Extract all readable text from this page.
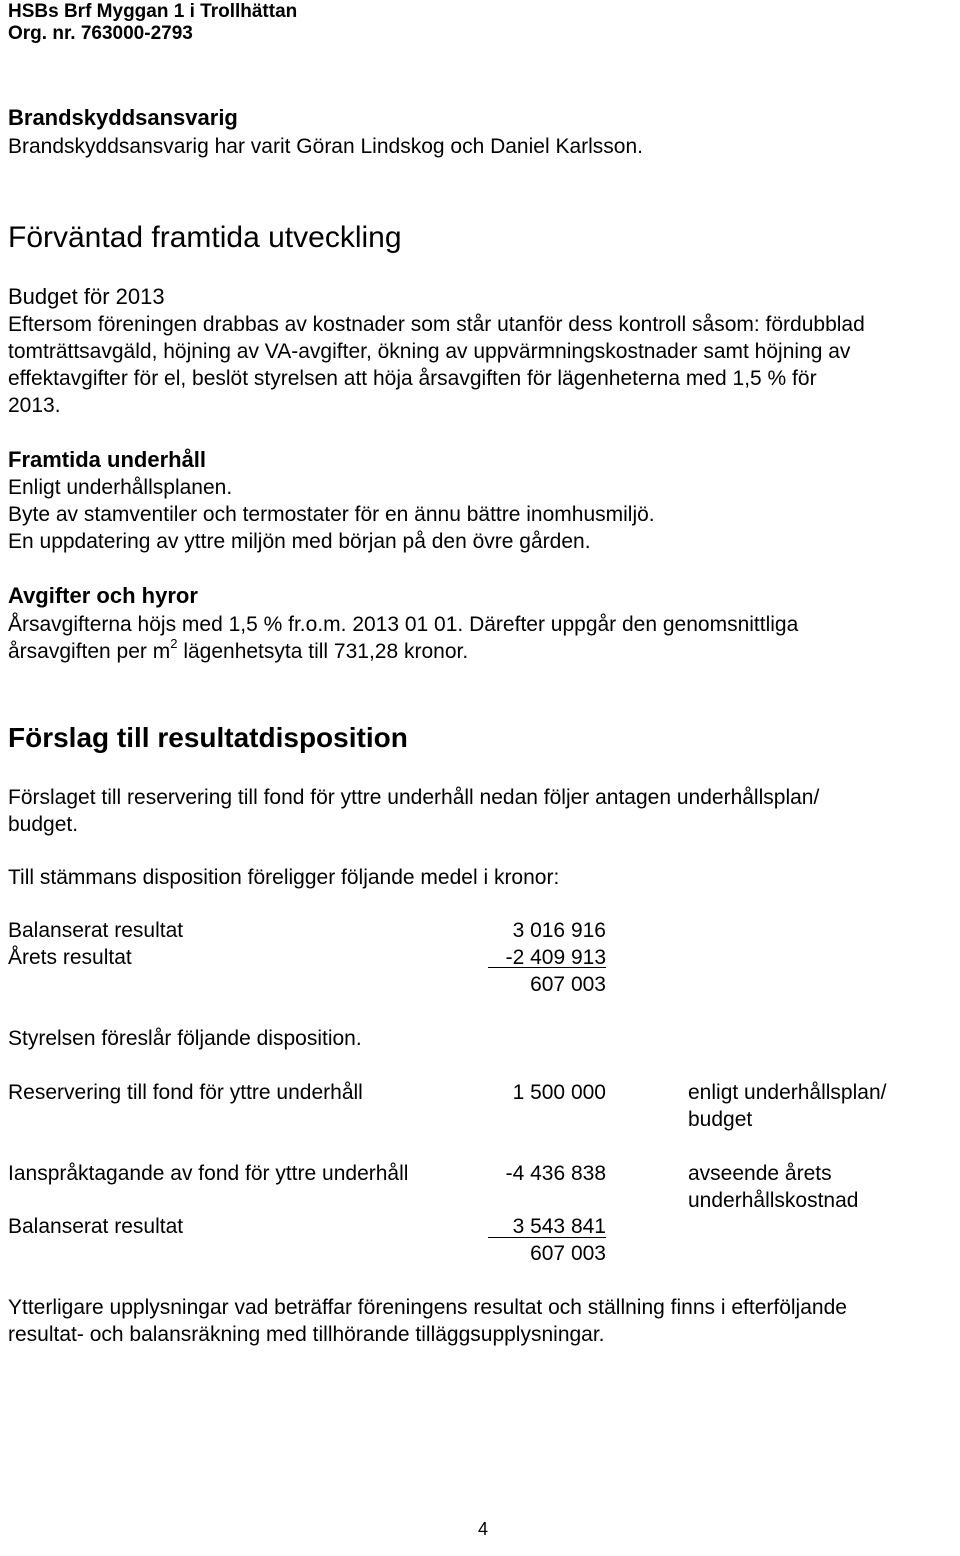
HSBs Brf Myggan 1 i Trollhättan
Org. nr. 763000-2793
Brandskyddsansvarig
Brandskyddsansvarig har varit Göran Lindskog och Daniel Karlsson.
Förväntad framtida utveckling
Budget för 2013
Eftersom föreningen drabbas av kostnader som står utanför dess kontroll såsom: fördubblad
tomträttsavgäld, höjning av VA-avgifter, ökning av uppvärmningskostnader samt höjning av
effektavgifter för el, beslöt styrelsen att höja årsavgiften för lägenheterna med 1,5 % för
2013.
Framtida underhåll
Enligt underhållsplanen.
Byte av stamventiler och termostater för en ännu bättre inomhusmiljö.
En uppdatering av yttre miljön med början på den övre gården.
Avgifter och hyror
Årsavgifterna höjs med 1,5 % fr.o.m. 2013 01 01. Därefter uppgår den genomsnittliga
årsavgiften per $m^2$ lägenhetsyta till 731,28 kronor.
Förslag till resultatdisposition
Förslaget till reservering till fond för yttre underhåll nedan följer antagen underhållsplan/
budget.
Till stämmans disposition föreligger följande medel i kronor:
Balanserat resultat	3 016 916
Årets resultat	-2 409 913
607 003
Styrelsen föreslår följande disposition.
Reservering till fond för yttre underhåll	1 500 000	enligt underhållsplan/
budget
Ianspråktagande av fond för yttre underhåll	-4 436 838	avseende årets
underhållskostnad
Balanserat resultat	3 543 841
607 003
Ytterligare upplysningar vad beträffar föreningens resultat och ställning finns i efterföljande
resultat- och balansräkning med tillhörande tilläggsupplysningar.
4
